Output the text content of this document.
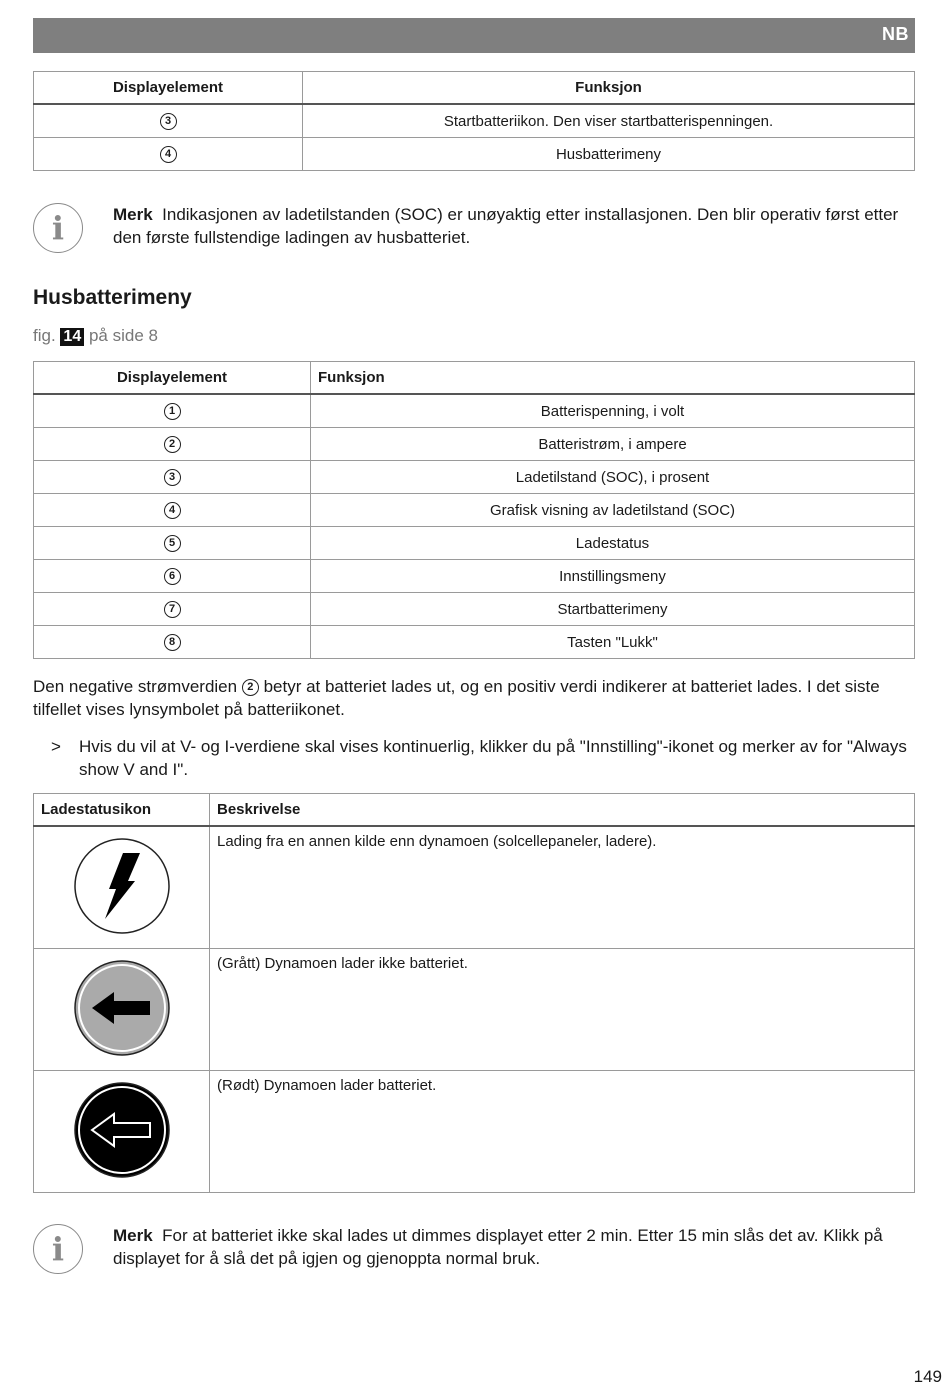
NB
Displayelement	Funksjon
3	Startbatteriikon. Den viser startbatterispenningen.
4	Husbatterimeny
i	Merk Indikasjonen av ladetilstanden (SOC) er unøyaktig etter installasjonen. Den blir operativ først etter den første fullstendige ladingen av husbatteriet.

Husbatterimeny
fig. 14 på side 8
Displayelement	Funksjon
1	Batterispenning, i volt
2	Batteristrøm, i ampere
3	Ladetilstand (SOC), i prosent
4	Grafisk visning av ladetilstand (SOC)
5	Ladestatus
6	Innstillingsmeny
7	Startbatterimeny
8	Tasten "Lukk"

Den negative strømverdien 2 betyr at batteriet lades ut, og en positiv verdi indikerer at batteriet lades. I det siste tilfellet vises lynsymbolet på batteriikonet.

> Hvis du vil at V- og I-verdiene skal vises kontinuerlig, klikker du på "Innstilling"-ikonet og merker av for "Always show V and I".
Ladestatusikon	Beskrivelse
	Lading fra en annen kilde enn dynamoen (solcellepaneler, ladere).
	(Grått) Dynamoen lader ikke batteriet.
	(Rødt) Dynamoen lader batteriet.
i	Merk For at batteriet ikke skal lades ut dimmes displayet etter 2 min. Etter 15 min slås det av. Klikk på displayet for å slå det på igjen og gjenoppta normal bruk.

149
